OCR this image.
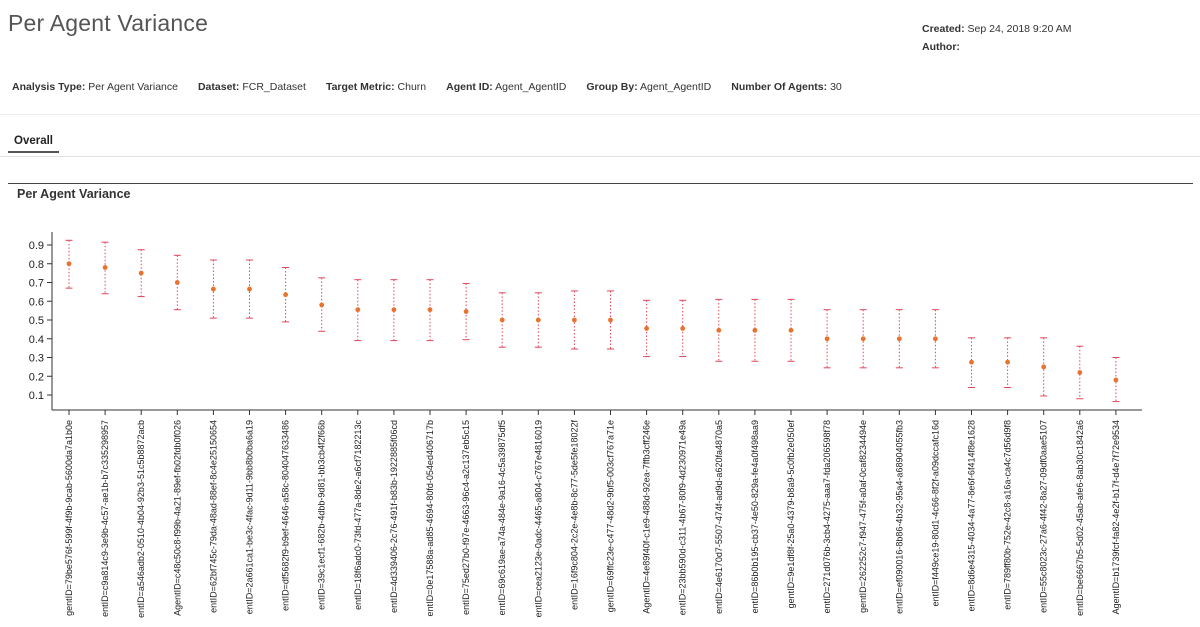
Per Agent Variance	Created: Sep 24, 2018 9:20 AM
Author:
Analysis Type: Per Agent Variance Dataset: FCR_Dataset Target Metric: Churn Agent ID: Agent_AgentID Group By: Agent_AgentID Number Of Agents: 30
Overall
Per Agent Variance
0.1
0.2
0.3
0.4
0.5
0.6
0.7
0.8
0.9
gentID=79be576f-599f-4f9b-9cab-5600da7a1b0e	entID=c9a814c9-3e9b-4c57-ae1b-b7c335298957	entID=a546adb2-0510-4b04-92b3-51c5b8872acb	AgentID=c48c50c8-f99b-4a21-89ef-fb02fdb0f026	entID=62bf745c-79da-48ad-88ef-8c4e25150654	entID=2a661ca1-be3c-4fac-9d11-9bb8b0ba6a19	entID=df5682f9-b9ef-4646-a58c-804047633486	entID=39c1ecf1-682b-4dbb-9d81-bb3cb4f2f66b	entID=18f6adc0-73fd-477a-8de2-a6cf7182213c	entID=4d339406-2c76-491f-b83b-1922885f06cd	entID=0e17588a-ad85-4694-80fd-054ed406717b	entID=75ed27b0-f97e-4663-96c4-a2c137eb5c15	entID=69c619ae-a74a-484e-9a16-4c5a39875df5	entID=cea2123e-0adc-4465-a804-c767e4816019	entID=16f9c804-2c2e-4e8b-8c77-5de5fe18022f	gentID=69ffc23e-c477-48d2-9bf5-003cf767a71e	AgentID=4e89f40f-c1e9-488d-92ea-7ffb3cff246e	entID=23bb590d-c311-4b67-80f9-4d230971e49a	entID=4e6170d7-5507-474f-ad9d-a620fa4870a5	entID=86b0b195-cb37-4e50-829a-fe4a0f498aa9	gentID=9e1df8f-25a0-4379-b8a9-5c0fb2e050ef	entID=271d076b-3cb4-4275-aaa7-fda206598f78	gentID=262252c7-f947-475f-a0af-0caf8234494e	entID=ef090016-8b86-4b32-95a4-a68904055fb3	entID=f449ce19-80d1-4c66-8f2f-a09dccafc16d	entID=8d6e4315-4034-4a77-8e6f-6f414f8e1628	entID=789ff80b-752e-42c8-a16a-ca4c7d56d9f8	entID=55c8023c-27a6-4f42-8a27-09df0aae5107	entID=be6667b5-5d02-45ab-afe6-8ab30c1842a6	AgentID=b1739fcf-fa82-4e2f-b17f-d4e7f72e9534
